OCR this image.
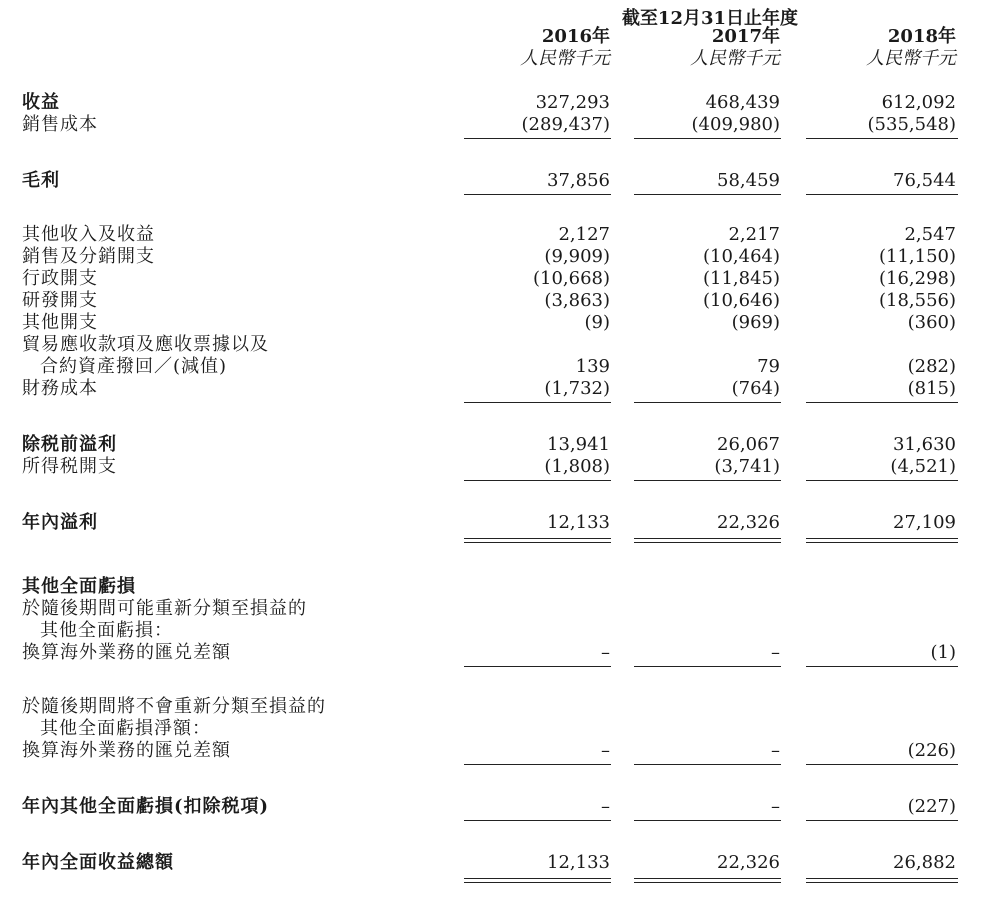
截至12月31日止年度
2016年
人民幣千元
2017年
人民幣千元
2018年
人民幣千元
收益	327,293	468,439	612,092
銷售成本	(289,437)	(409,980)	(535,548)
毛利	37,856	58,459	76,544
其他收入及收益	2,127	2,217	2,547
銷售及分銷開支	(9,909)	(10,464)	(11,150)
行政開支	(10,668)	(11,845)	(16,298)
研發開支	(3,863)	(10,646)	(18,556)
其他開支	(9)	(969)	(360)
貿易應收款項及應收票據以及
合約資產撥回／(減值)	139	79	(282)
財務成本	(1,732)	(764)	(815)
除税前溢利	13,941	26,067	31,630
所得税開支	(1,808)	(3,741)	(4,521)
年內溢利	12,133	22,326	27,109
其他全面虧損
於隨後期間可能重新分類至損益的
其他全面虧損：
換算海外業務的匯兑差額	–	–	(1)
於隨後期間將不會重新分類至損益的
其他全面虧損淨額：
換算海外業務的匯兑差額	–	–	(226)
年內其他全面虧損(扣除税項)	–	–	(227)
年內全面收益總額	12,133	22,326	26,882
